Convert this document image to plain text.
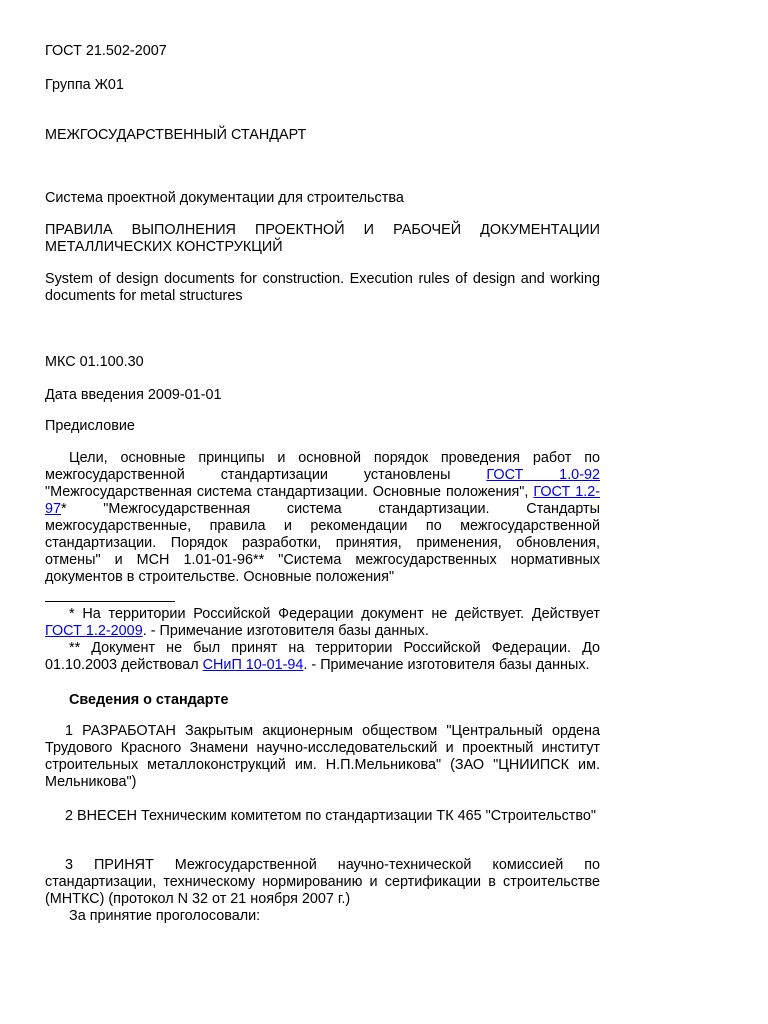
ГОСТ 21.502-2007

Группа Ж01

МЕЖГОСУДАРСТВЕННЫЙ СТАНДАРТ

Система проектной документации для строительства

ПРАВИЛА ВЫПОЛНЕНИЯ ПРОЕКТНОЙ И РАБОЧЕЙ ДОКУМЕНТАЦИИ МЕТАЛЛИЧЕСКИХ КОНСТРУКЦИЙ

System of design documents for construction. Execution rules of design and working documents for metal structures

МКС 01.100.30

Дата введения 2009-01-01

Предисловие

Цели, основные принципы и основной порядок проведения работ по межгосударственной стандартизации установлены ГОСТ 1.0-92 "Межгосударственная система стандартизации. Основные положения", ГОСТ 1.2-97* "Межгосударственная система стандартизации. Стандарты межгосударственные, правила и рекомендации по межгосударственной стандартизации. Порядок разработки, принятия, применения, обновления, отмены" и МСН 1.01-01-96** "Система межгосударственных нормативных документов в строительстве. Основные положения"

* На территории Российской Федерации документ не действует. Действует ГОСТ 1.2-2009. - Примечание изготовителя базы данных.

** Документ не был принят на территории Российской Федерации. До 01.10.2003 действовал СНиП 10-01-94. - Примечание изготовителя базы данных.

Сведения о стандарте

1 РАЗРАБОТАН Закрытым акционерным обществом "Центральный ордена Трудового Красного Знамени научно-исследовательский и проектный институт строительных металлоконструкций им. Н.П.Мельникова" (ЗАО "ЦНИИПСК им. Мельникова")

2 ВНЕСЕН Техническим комитетом по стандартизации ТК 465 "Строительство"

3 ПРИНЯТ Межгосударственной научно-технической комиссией по стандартизации, техническому нормированию и сертификации в строительстве (МНТКС) (протокол N 32 от 21 ноября 2007 г.)

За принятие проголосовали:
